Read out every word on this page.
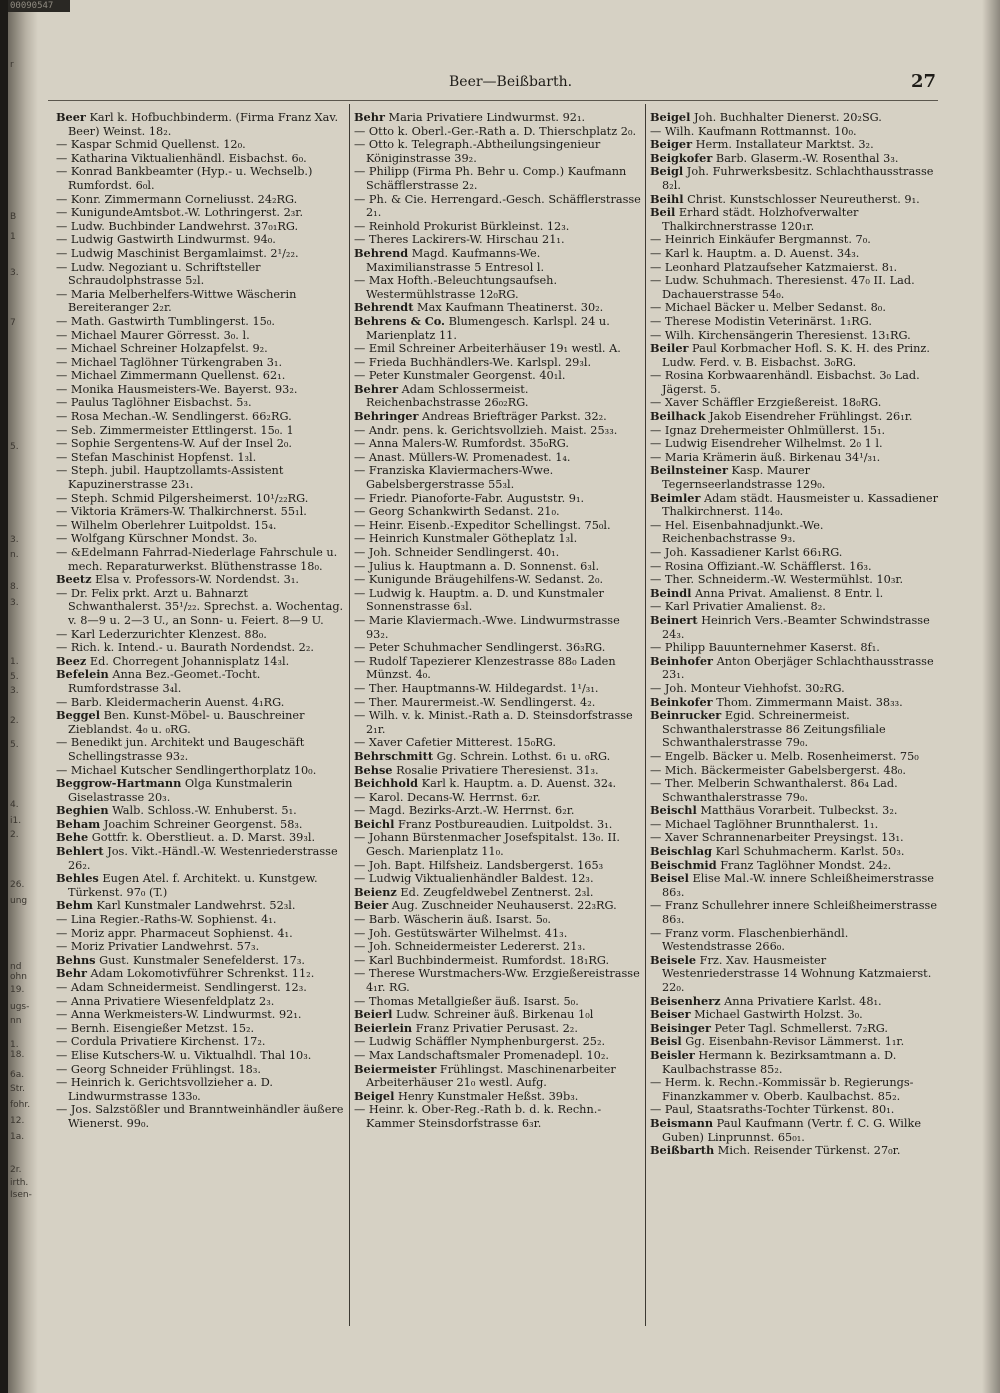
00090547
r
B
1
3.
7
5.
3.
n.
8.
3.
1.
5.
3.
2.
5.
4.
i1.
2.
26.
ung
nd
ohn
19.
ugs-
nn
1.
18.
6a.
Str.
fohr.
12.
1a.
2r.
irth.
Isen-
Beer—Beißbarth.	27

Beer Karl k. Hofbuchbinderm. (Firma Franz Xav. Beer) Weinst. 18₂.

— Kaspar Schmid Quellenst. 12₀.

— Katharina Viktualienhändl. Eisbachst. 6₀.

— Konrad Bankbeamter (Hyp.- u. Wechselb.) Rumfordst. 6₀l.

— Konr. Zimmermann Corneliusst. 24₂RG.

— KunigundeAmtsbot.-W. Lothringerst. 2₃r.

— Ludw. Buchbinder Landwehrst. 37₀₁RG.

— Ludwig Gastwirth Lindwurmst. 94₀.

— Ludwig Maschinist Bergamlaimst. 2¹/₂₂.

— Ludw. Negoziant u. Schriftsteller Schraudolphstrasse 5₂l.

— Maria Melberhelfers-Wittwe Wäscherin Bereiteranger 2₂r.

— Math. Gastwirth Tumblingerst. 15₀.

— Michael Maurer Görresst. 3₀. l.

— Michael Schreiner Holzapfelst. 9₂.

— Michael Taglöhner Türkengraben 3₁.

— Michael Zimmermann Quellenst. 62₁.

— Monika Hausmeisters-We. Bayerst. 93₂.

— Paulus Taglöhner Eisbachst. 5₃.

— Rosa Mechan.-W. Sendlingerst. 66₂RG.

— Seb. Zimmermeister Ettlingerst. 15₀. 1

— Sophie Sergentens-W. Auf der Insel 2₀.

— Stefan Maschinist Hopfenst. 1₃l.

— Steph. jubil. Hauptzollamts-Assistent Kapuzinerstrasse 23₁.

— Steph. Schmid Pilgersheimerst. 10¹/₂₂RG.

— Viktoria Krämers-W. Thalkirchnerst. 55₁l.

— Wilhelm Oberlehrer Luitpoldst. 15₄.

— Wolfgang Kürschner Mondst. 3₀.

— &Edelmann Fahrrad-Niederlage Fahrschule u. mech. Reparaturwerkst. Blüthenstrasse 18₀.

Beetz Elsa v. Professors-W. Nordendst. 3₁.

— Dr. Felix prkt. Arzt u. Bahnarzt Schwanthalerst. 35¹/₂₂. Sprechst. a. Wochentag. v. 8—9 u. 2—3 U., an Sonn- u. Feiert. 8—9 U.

— Karl Lederzurichter Klenzest. 88₀.

— Rich. k. Intend.- u. Baurath Nordendst. 2₂.

Beez Ed. Chorregent Johannisplatz 14₃l.

Befelein Anna Bez.-Geomet.-Tocht. Rumfordstrasse 3₄l.

— Barb. Kleidermacherin Auenst. 4₁RG.

Beggel Ben. Kunst-Möbel- u. Bauschreiner Zieblandst. 4₀ u. ₀RG.

— Benedikt jun. Architekt und Baugeschäft Schellingstrasse 93₂.

— Michael Kutscher Sendlingerthorplatz 10₀.

Beggrow-Hartmann Olga Kunstmalerin Giselastrasse 20₃.

Beghien Walb. Schloss.-W. Enhuberst. 5₁.

Beham Joachim Schreiner Georgenst. 58₃.

Behe Gottfr. k. Oberstlieut. a. D. Marst. 39₃l.

Behlert Jos. Vikt.-Händl.-W. Westenriederstrasse 26₂.

Behles Eugen Atel. f. Architekt. u. Kunstgew. Türkenst. 97₀ (T.)

Behm Karl Kunstmaler Landwehrst. 52₃l.

— Lina Regier.-Raths-W. Sophienst. 4₁.

— Moriz appr. Pharmaceut Sophienst. 4₁.

— Moriz Privatier Landwehrst. 57₃.

Behns Gust. Kunstmaler Senefelderst. 17₃.

Behr Adam Lokomotivführer Schrenkst. 11₂.

— Adam Schneidermeist. Sendlingerst. 12₃.

— Anna Privatiere Wiesenfeldplatz 2₃.

— Anna Werkmeisters-W. Lindwurmst. 92₁.

— Bernh. Eisengießer Metzst. 15₂.

— Cordula Privatiere Kirchenst. 17₂.

— Elise Kutschers-W. u. Viktualhdl. Thal 10₃.

— Georg Schneider Frühlingst. 18₃.

— Heinrich k. Gerichtsvollzieher a. D. Lindwurmstrasse 133₀.

— Jos. Salzstößler und Branntweinhändler äußere Wienerst. 99₀.

Behr Maria Privatiere Lindwurmst. 92₁.

— Otto k. Oberl.-Ger.-Rath a. D. Thierschplatz 2₀.

— Otto k. Telegraph.-Abtheilungsingenieur Königinstrasse 39₂.

— Philipp (Firma Ph. Behr u. Comp.) Kaufmann Schäfflerstrasse 2₂.

— Ph. & Cie. Herrengard.-Gesch. Schäfflerstrasse 2₁.

— Reinhold Prokurist Bürkleinst. 12₃.

— Theres Lackirers-W. Hirschau 21₁.

Behrend Magd. Kaufmanns-We. Maximilianstrasse 5 Entresol l.

— Max Hofth.-Beleuchtungsaufseh. Westermühlstrasse 12₀RG.

Behrendt Max Kaufmann Theatinerst. 30₂.

Behrens & Co. Blumengesch. Karlspl. 24 u. Marienplatz 11.

— Emil Schreiner Arbeiterhäuser 19₁ westl. A.

— Frieda Buchhändlers-We. Karlspl. 29₃l.

— Peter Kunstmaler Georgenst. 40₁l.

Behrer Adam Schlossermeist. Reichenbachstrasse 26₀₂RG.

Behringer Andreas Briefträger Parkst. 32₂.

— Andr. pens. k. Gerichtsvollzieh. Maist. 25₃₃.

— Anna Malers-W. Rumfordst. 35₀RG.

— Anast. Müllers-W. Promenadest. 1₄.

— Franziska Klaviermachers-Wwe. Gabelsbergerstrasse 55₃l.

— Friedr. Pianoforte-Fabr. Auguststr. 9₁.

— Georg Schankwirth Sedanst. 21₀.

— Heinr. Eisenb.-Expeditor Schellingst. 75₀l.

— Heinrich Kunstmaler Götheplatz 1₃l.

— Joh. Schneider Sendlingerst. 40₁.

— Julius k. Hauptmann a. D. Sonnenst. 6₃l.

— Kunigunde Bräugehilfens-W. Sedanst. 2₀.

— Ludwig k. Hauptm. a. D. und Kunstmaler Sonnenstrasse 6₃l.

— Marie Klaviermach.-Wwe. Lindwurmstrasse 93₂.

— Peter Schuhmacher Sendlingerst. 36₃RG.

— Rudolf Tapezierer Klenzestrasse 88₀ Laden Münzst. 4₀.

— Ther. Hauptmanns-W. Hildegardst. 1¹/₃₁.

— Ther. Maurermeist.-W. Sendlingerst. 4₂.

— Wilh. v. k. Minist.-Rath a. D. Steinsdorfstrasse 2₁r.

— Xaver Cafetier Mitterest. 15₀RG.

Behrschmitt Gg. Schrein. Lothst. 6₁ u. ₀RG.

Behse Rosalie Privatiere Theresienst. 31₃.

Beichhold Karl k. Hauptm. a. D. Auenst. 32₄.

— Karol. Decans-W. Herrnst. 6₂r.

— Magd. Bezirks-Arzt.-W. Herrnst. 6₂r.

Beichl Franz Postbureaudien. Luitpoldst. 3₁.

— Johann Bürstenmacher Josefspitalst. 13₀. II. Gesch. Marienplatz 11₀.

— Joh. Bapt. Hilfsheiz. Landsbergerst. 165₃

— Ludwig Viktualienhändler Baldest. 12₃.

Beienz Ed. Zeugfeldwebel Zentnerst. 2₃l.

Beier Aug. Zuschneider Neuhauserst. 22₃RG.

— Barb. Wäscherin äuß. Isarst. 5₀.

— Joh. Gestütswärter Wilhelmst. 41₃.

— Joh. Schneidermeister Ledererst. 21₃.

— Karl Buchbindermeist. Rumfordst. 18₁RG.

— Therese Wurstmachers-Ww. Erzgießereistrasse 4₁r. RG.

— Thomas Metallgießer äuß. Isarst. 5₀.

Beierl Ludw. Schreiner äuß. Birkenau 1₀l

Beierlein Franz Privatier Perusast. 2₂.

— Ludwig Schäffler Nymphenburgerst. 25₂.

— Max Landschaftsmaler Promenadepl. 10₂.

Beiermeister Frühlingst. Maschinenarbeiter Arbeiterhäuser 21₀ westl. Aufg.

Beigel Henry Kunstmaler Heßst. 39b₃.

— Heinr. k. Ober-Reg.-Rath b. d. k. Rechn.-Kammer Steinsdorfstrasse 6₃r.

Beigel Joh. Buchhalter Dienerst. 20₂SG.

— Wilh. Kaufmann Rottmannst. 10₀.

Beiger Herm. Installateur Marktst. 3₂.

Beigkofer Barb. Glaserm.-W. Rosenthal 3₃.

Beigl Joh. Fuhrwerksbesitz. Schlachthausstrasse 8₂l.

Beihl Christ. Kunstschlosser Neureutherst. 9₁.

Beil Erhard städt. Holzhofverwalter Thalkirchnerstrasse 120₁r.

— Heinrich Einkäufer Bergmannst. 7₀.

— Karl k. Hauptm. a. D. Auenst. 34₃.

— Leonhard Platzaufseher Katzmaierst. 8₁.

— Ludw. Schuhmach. Theresienst. 47₀ II. Lad. Dachauerstrasse 54₀.

— Michael Bäcker u. Melber Sedanst. 8₀.

— Therese Modistin Veterinärst. 1₁RG.

— Wilh. Kirchensängerin Theresienst. 13₁RG.

Beiler Paul Korbmacher Hofl. S. K. H. des Prinz. Ludw. Ferd. v. B. Eisbachst. 3₀RG.

— Rosina Korbwaarenhändl. Eisbachst. 3₀ Lad. Jägerst. 5.

— Xaver Schäffler Erzgießereist. 18₀RG.

Beilhack Jakob Eisendreher Frühlingst. 26₁r.

— Ignaz Drehermeister Ohlmüllerst. 15₁.

— Ludwig Eisendreher Wilhelmst. 2₀ 1 l.

— Maria Krämerin äuß. Birkenau 34¹/₃₁.

Beilnsteiner Kasp. Maurer Tegernseerlandstrasse 129₀.

Beimler Adam städt. Hausmeister u. Kassadiener Thalkirchnerst. 114₀.

— Hel. Eisenbahnadjunkt.-We. Reichenbachstrasse 9₃.

— Joh. Kassadiener Karlst 66₁RG.

— Rosina Offiziant.-W. Schäfflerst. 16₃.

— Ther. Schneiderm.-W. Westermühlst. 10₃r.

Beindl Anna Privat. Amalienst. 8 Entr. l.

— Karl Privatier Amalienst. 8₂.

Beinert Heinrich Vers.-Beamter Schwindstrasse 24₃.

— Philipp Bauunternehmer Kaserst. 8f₁.

Beinhofer Anton Oberjäger Schlachthausstrasse 23₁.

— Joh. Monteur Viehhofst. 30₂RG.

Beinkofer Thom. Zimmermann Maist. 38₃₃.

Beinrucker Egid. Schreinermeist. Schwanthalerstrasse 86 Zeitungsfiliale Schwanthalerstrasse 79₀.

— Engelb. Bäcker u. Melb. Rosenheimerst. 75₀

— Mich. Bäckermeister Gabelsbergerst. 48₀.

— Ther. Melberin Schwanthalerst. 86₄ Lad. Schwanthalerstrasse 79₀.

Beischl Matthäus Vorarbeit. Tulbeckst. 3₂.

— Michael Taglöhner Brunnthalerst. 1₁.

— Xaver Schrannenarbeiter Preysingst. 13₁.

Beischlag Karl Schuhmacherm. Karlst. 50₃.

Beischmid Franz Taglöhner Mondst. 24₂.

Beisel Elise Mal.-W. innere Schleißheimerstrasse 86₃.

— Franz Schullehrer innere Schleißheimerstrasse 86₃.

— Franz vorm. Flaschenbierhändl. Westendstrasse 266₀.

Beisele Frz. Xav. Hausmeister Westenriederstrasse 14 Wohnung Katzmaierst. 22₀.

Beisenherz Anna Privatiere Karlst. 48₁.

Beiser Michael Gastwirth Holzst. 3₀.

Beisinger Peter Tagl. Schmellerst. 7₂RG.

Beisl Gg. Eisenbahn-Revisor Lämmerst. 1₁r.

Beisler Hermann k. Bezirksamtmann a. D. Kaulbachstrasse 85₂.

— Herm. k. Rechn.-Kommissär b. Regierungs-Finanzkammer v. Oberb. Kaulbachst. 85₂.

— Paul, Staatsraths-Tochter Türkenst. 80₁.

Beismann Paul Kaufmann (Vertr. f. C. G. Wilke Guben) Linprunnst. 65₀₁.

Beißbarth Mich. Reisender Türkenst. 27₀r.
